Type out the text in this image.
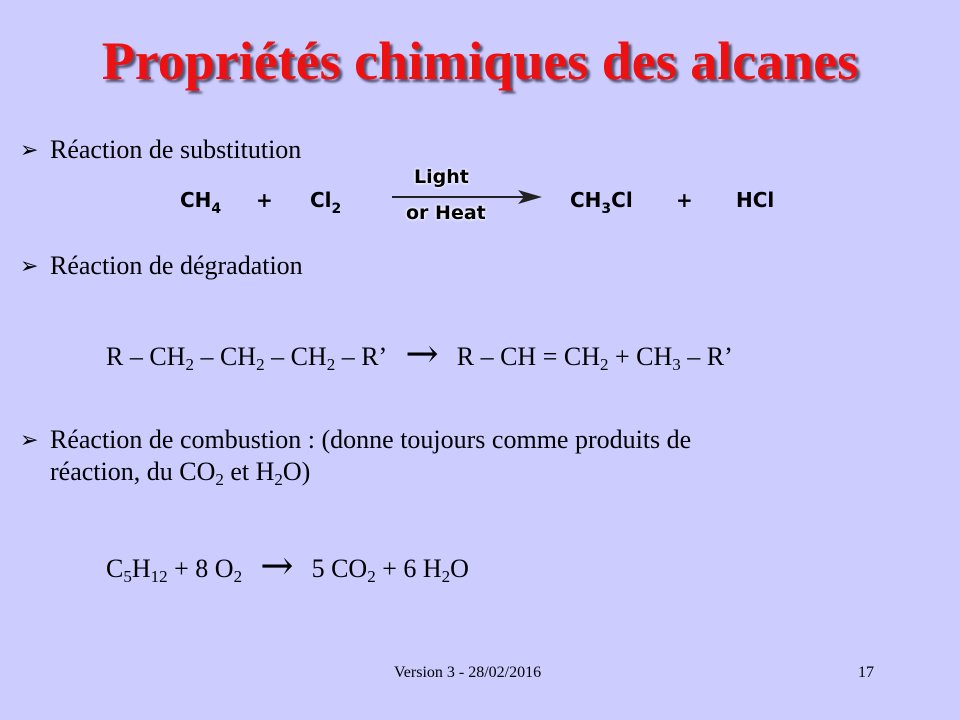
Propriétés chimiques des alcanes
➢ Réaction de substitution
$CH_4 + Cl_2$
Light
or Heat
$CH_3Cl$ + HCl
➢ Réaction de dégradation
R – $CH_2 - CH_2 - CH_2$ – R’ → R – CH = $CH_2 + CH_3 - R$’
➢ Réaction de combustion : (donne toujours comme produits de
réaction, du $CO_2$ et $H_2O$)
$C_5H_{12} + 8$ $O_2 \to 5$ $CO_2 + 6$ $H_2O$
Version 3 - 28/02/2016	17
